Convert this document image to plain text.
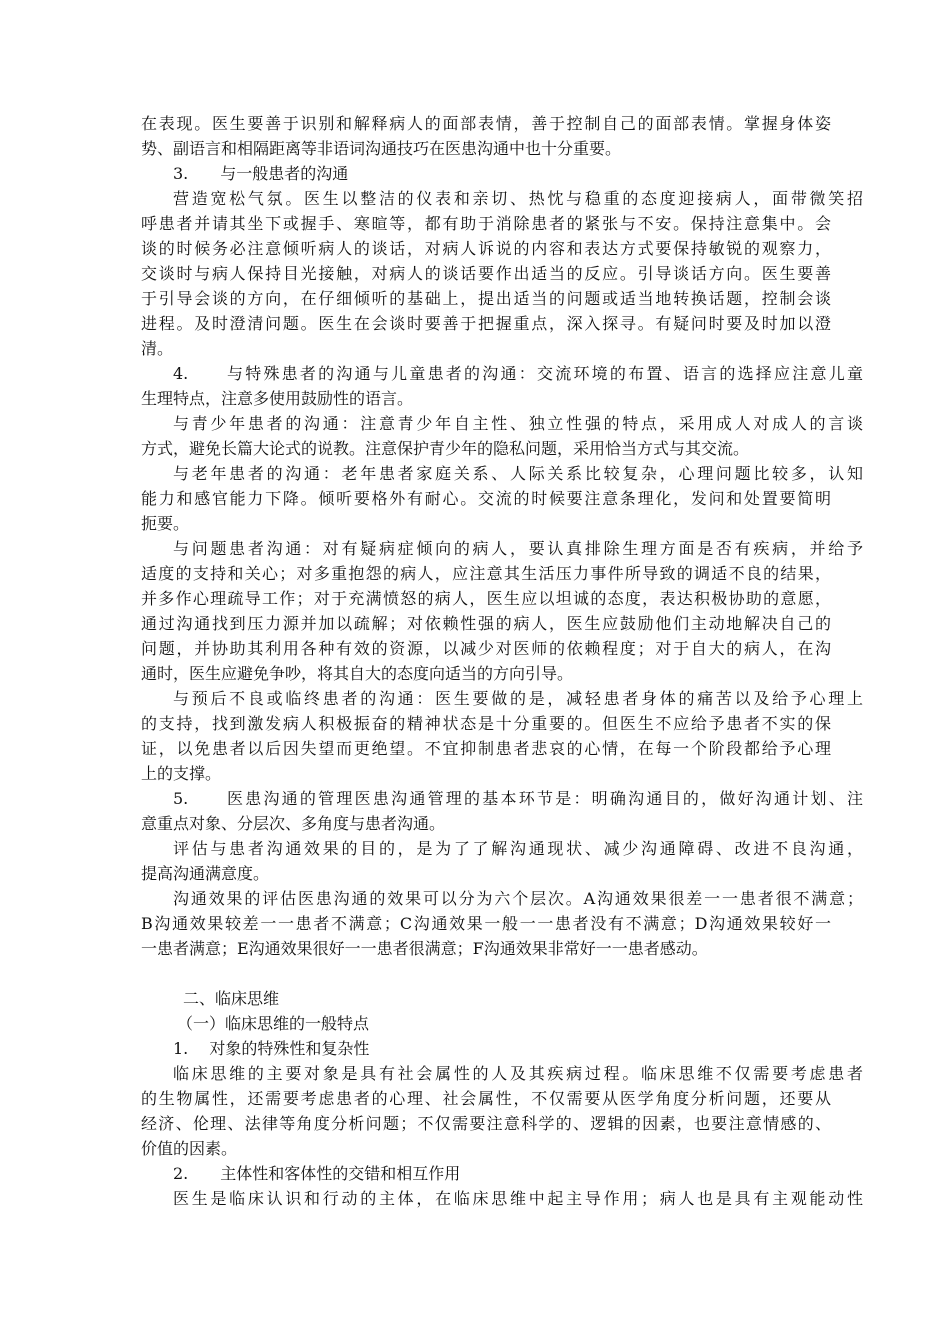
在表现。医生要善于识别和解释病人的面部表情，善于控制自己的面部表情。掌握身体姿
势、副语言和相隔距离等非语词沟通技巧在医患沟通中也十分重要。
3.　　与一般患者的沟通
营造宽松气氛。医生以整洁的仪表和亲切、热忱与稳重的态度迎接病人，面带微笑招
呼患者并请其坐下或握手、寒暄等，都有助于消除患者的紧张与不安。保持注意集中。会
谈的时候务必注意倾听病人的谈话，对病人诉说的内容和表达方式要保持敏锐的观察力，
交谈时与病人保持目光接触，对病人的谈话要作出适当的反应。引导谈话方向。医生要善
于引导会谈的方向，在仔细倾听的基础上，提出适当的问题或适当地转换话题，控制会谈
进程。及时澄清问题。医生在会谈时要善于把握重点，深入探寻。有疑问时要及时加以澄
清。
4.　　与特殊患者的沟通与儿童患者的沟通：交流环境的布置、语言的选择应注意儿童
生理特点，注意多使用鼓励性的语言。
与青少年患者的沟通：注意青少年自主性、独立性强的特点，采用成人对成人的言谈
方式，避免长篇大论式的说教。注意保护青少年的隐私问题，采用恰当方式与其交流。
与老年患者的沟通：老年患者家庭关系、人际关系比较复杂，心理问题比较多，认知
能力和感官能力下降。倾听要格外有耐心。交流的时候要注意条理化，发问和处置要简明
扼要。
与问题患者沟通：对有疑病症倾向的病人，要认真排除生理方面是否有疾病，并给予
适度的支持和关心；对多重抱怨的病人，应注意其生活压力事件所导致的调适不良的结果，
并多作心理疏导工作；对于充满愤怒的病人，医生应以坦诚的态度，表达积极协助的意愿，
通过沟通找到压力源并加以疏解；对依赖性强的病人，医生应鼓励他们主动地解决自己的
问题，并协助其利用各种有效的资源，以减少对医师的依赖程度；对于自大的病人，在沟
通时，医生应避免争吵，将其自大的态度向适当的方向引导。
与预后不良或临终患者的沟通：医生要做的是，减轻患者身体的痛苦以及给予心理上
的支持，找到激发病人积极振奋的精神状态是十分重要的。但医生不应给予患者不实的保
证，以免患者以后因失望而更绝望。不宜抑制患者悲哀的心情，在每一个阶段都给予心理
上的支撑。
5.　　医患沟通的管理医患沟通管理的基本环节是：明确沟通目的，做好沟通计划、注
意重点对象、分层次、多角度与患者沟通。
评估与患者沟通效果的目的，是为了了解沟通现状、减少沟通障碍、改进不良沟通，
提高沟通满意度。
沟通效果的评估医患沟通的效果可以分为六个层次。A沟通效果很差一一患者很不满意；
B沟通效果较差一一患者不满意；C沟通效果一般一一患者没有不满意；D沟通效果较好一
一患者满意；E沟通效果很好一一患者很满意；F沟通效果非常好一一患者感动。
二、临床思维
（一）临床思维的一般特点
1.　 对象的特殊性和复杂性
临床思维的主要对象是具有社会属性的人及其疾病过程。临床思维不仅需要考虑患者
的生物属性，还需要考虑患者的心理、社会属性，不仅需要从医学角度分析问题，还要从
经济、伦理、法律等角度分析问题；不仅需要注意科学的、逻辑的因素，也要注意情感的、
价值的因素。
2.　　主体性和客体性的交错和相互作用
医生是临床认识和行动的主体，在临床思维中起主导作用；病人也是具有主观能动性
